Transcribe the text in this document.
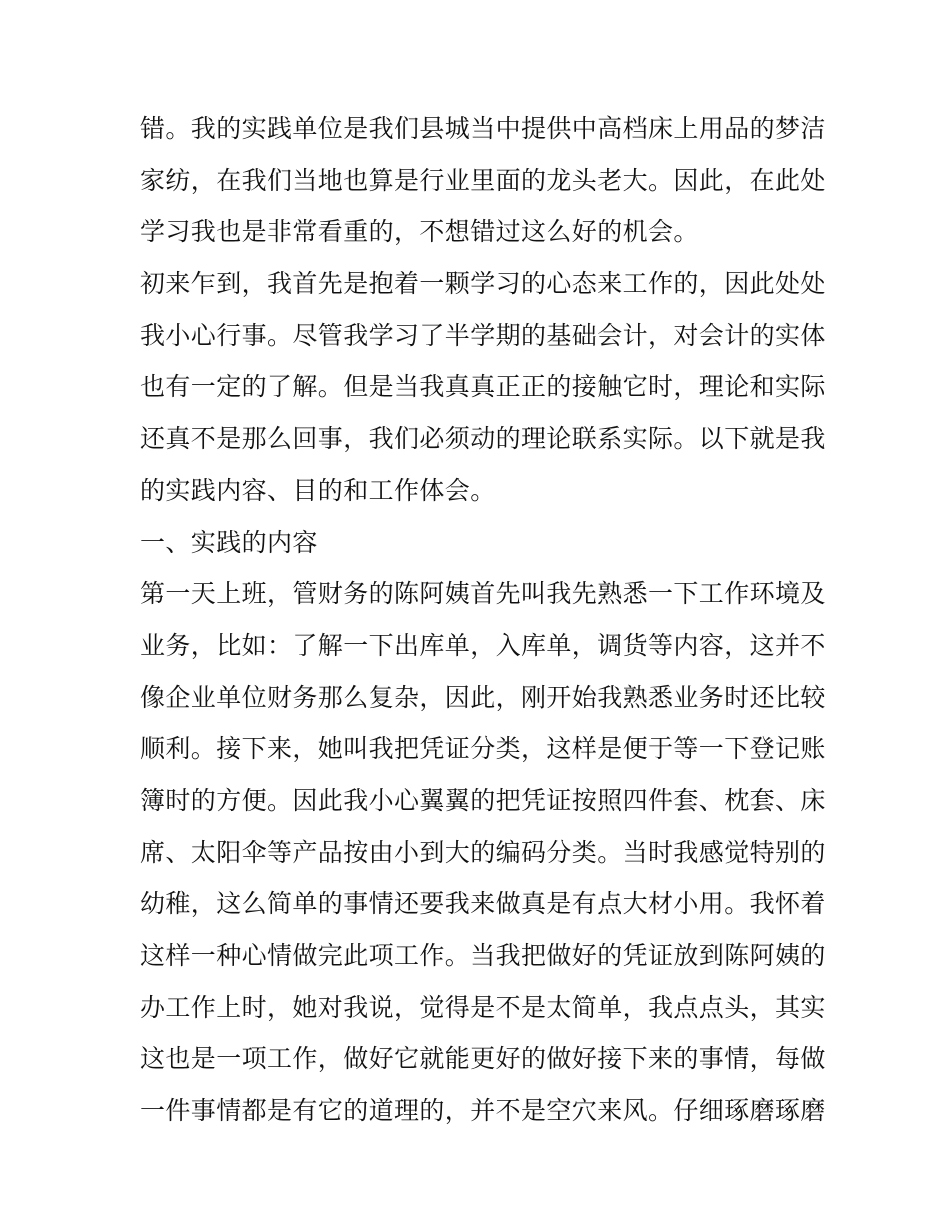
错。我的实践单位是我们县城当中提供中高档床上用品的梦洁
家纺，在我们当地也算是行业里面的龙头老大。因此，在此处
学习我也是非常看重的，不想错过这么好的机会。
初来乍到，我首先是抱着一颗学习的心态来工作的，因此处处
我小心行事。尽管我学习了半学期的基础会计，对会计的实体
也有一定的了解。但是当我真真正正的接触它时，理论和实际
还真不是那么回事，我们必须动的理论联系实际。以下就是我
的实践内容、目的和工作体会。
一、实践的内容
第一天上班，管财务的陈阿姨首先叫我先熟悉一下工作环境及
业务，比如：了解一下出库单，入库单，调货等内容，这并不
像企业单位财务那么复杂，因此，刚开始我熟悉业务时还比较
顺利。接下来，她叫我把凭证分类，这样是便于等一下登记账
簿时的方便。因此我小心翼翼的把凭证按照四件套、枕套、床
席、太阳伞等产品按由小到大的编码分类。当时我感觉特别的
幼稚，这么简单的事情还要我来做真是有点大材小用。我怀着
这样一种心情做完此项工作。当我把做好的凭证放到陈阿姨的
办工作上时，她对我说，觉得是不是太简单，我点点头，其实
这也是一项工作，做好它就能更好的做好接下来的事情，每做
一件事情都是有它的道理的，并不是空穴来风。仔细琢磨琢磨
